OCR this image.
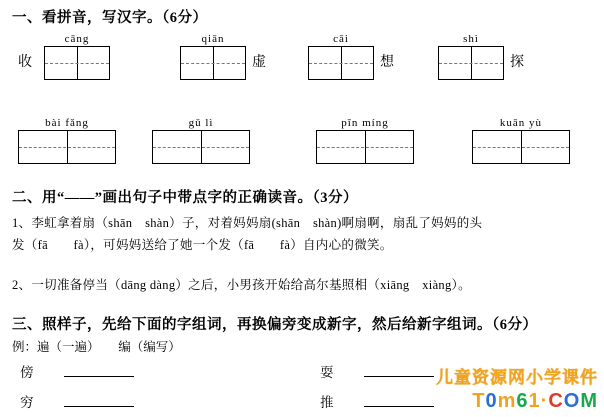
一、看拼音，写汉字。（6分）
cāng
收
qiān
虚
cāi
想
shì
探
bài fǎng	gǔ lì	pīn míng	kuān yù
二、用“——”画出句子中带点字的正确读音。（3分）
1、李虹拿着扇（shān　shàn）子，对着妈妈扇(shān　shàn)啊扇啊，扇乱了妈妈的头
发（fā　　fà），可妈妈送给了她一个发（fā　　fà）自内心的微笑。
2、一切准备停当（dāng dàng）之后，小男孩开始给高尔基照相（xiāng　xiàng）。
三、照样子，先给下面的字组词，再换偏旁变成新字，然后给新字组词。（6分）
例：遍（一遍）　　编（编写）
傍	耍
穷	推
儿童资源网小学课件
T0m61·COM
